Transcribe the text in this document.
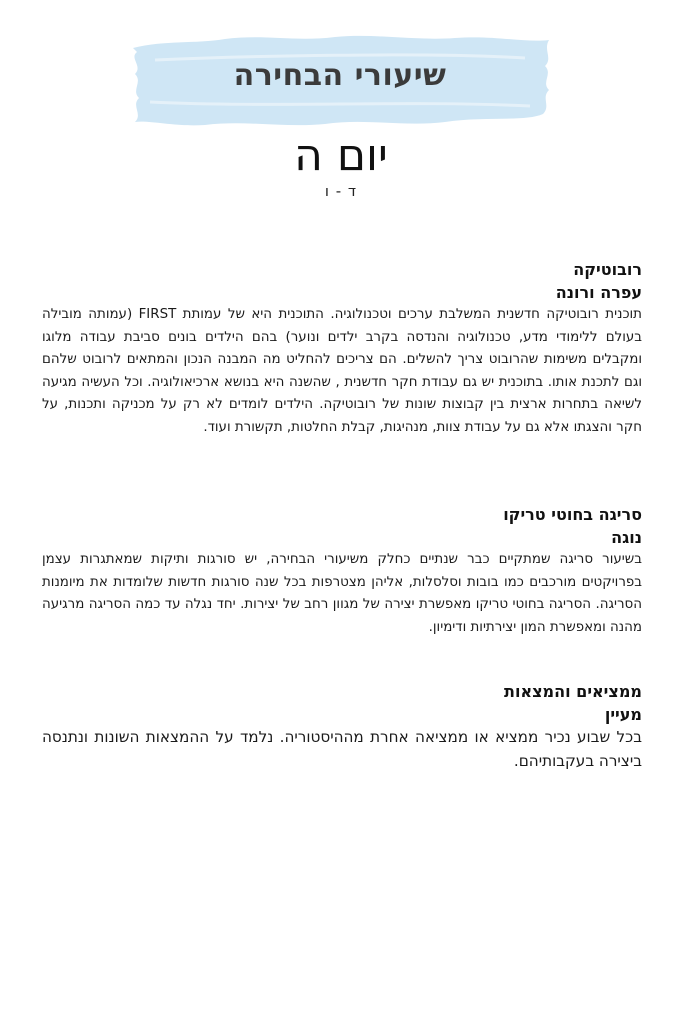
שיעורי הבחירה
יום ה
ד - ו
רובוטיקה
עפרה ורונה
תוכנית רובוטיקה חדשנית המשלבת ערכים וטכנולוגיה. התוכנית היא של עמותת FIRST (עמותה מובילה בעולם ללימודי מדע, טכנולוגיה והנדסה בקרב ילדים ונוער) בהם הילדים בונים סביבת עבודה מלוגו ומקבלים משימות שהרובוט צריך להשלים. הם צריכים להחליט מה המבנה הנכון והמתאים לרובוט שלהם וגם לתכנת אותו. בתוכנית יש גם עבודת חקר חדשנית , שהשנה היא בנושא ארכיאולוגיה. וכל העשיה מגיעה לשיאה בתחרות ארצית בין קבוצות שונות של רובוטיקה. הילדים לומדים לא רק על מכניקה ותכנות, על חקר והצגתו אלא גם על עבודת צוות, מנהיגות, קבלת החלטות, תקשורת ועוד.
סריגה בחוטי טריקו
נוגה
בשיעור סריגה שמתקיים כבר שנתיים כחלק משיעורי הבחירה, יש סורגות ותיקות שמאתגרות עצמן בפרויקטים מורכבים כמו בובות וסלסלות, אליהן מצטרפות בכל שנה סורגות חדשות שלומדות את מיומנות הסריגה. הסריגה בחוטי טריקו מאפשרת יצירה של מגוון רחב של יצירות. יחד נגלה עד כמה הסריגה מרגיעה מהנה ומאפשרת המון יצירתיות ודימיון.
ממציאים והמצאות
מעיין
בכל שבוע נכיר ממציא או ממציאה אחרת מההיסטוריה. נלמד על ההמצאות השונות ונתנסה ביצירה בעקבותיהם.
